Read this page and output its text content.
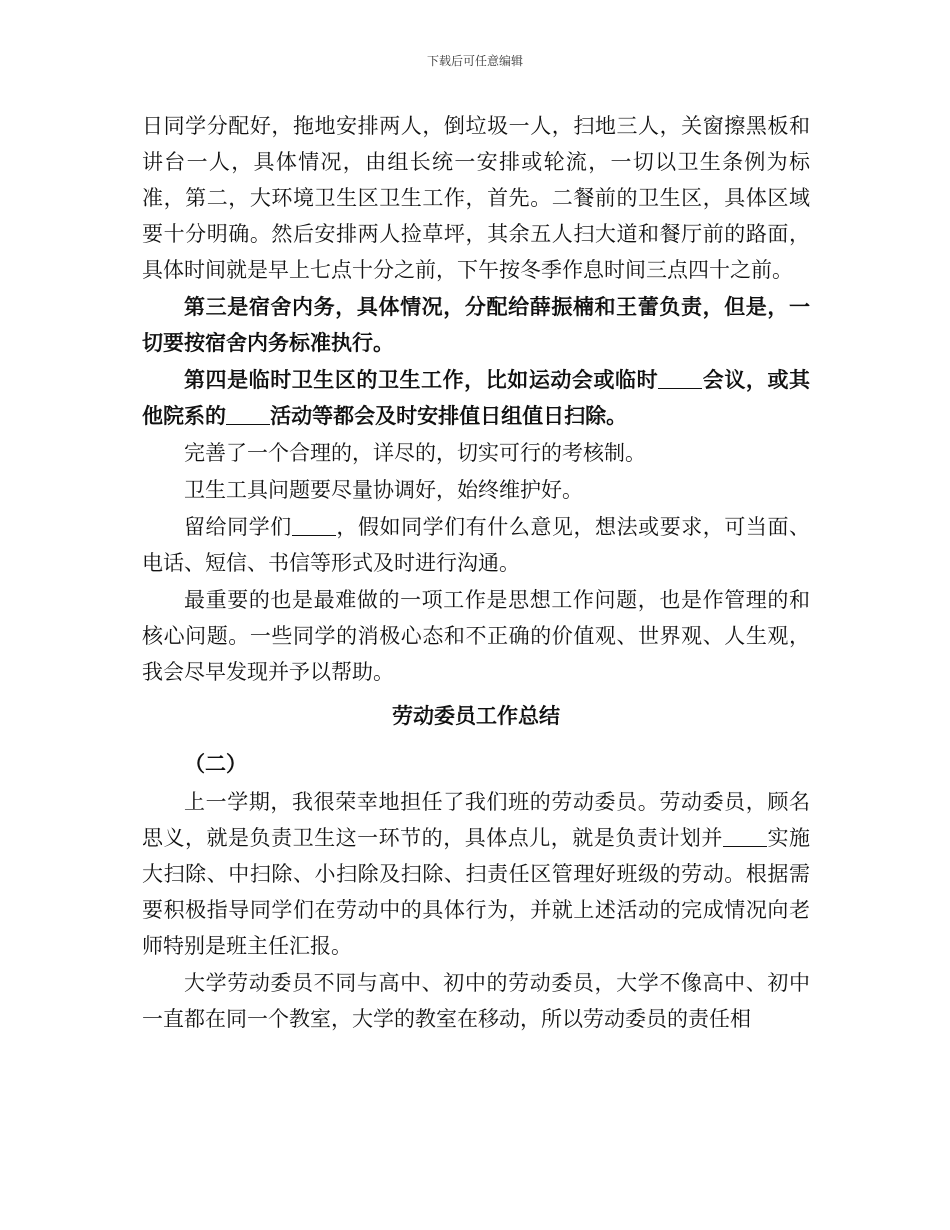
下载后可任意编辑

日同学分配好，拖地安排两人，倒垃圾一人，扫地三人，关窗擦黑板和讲台一人，具体情况，由组长统一安排或轮流，一切以卫生条例为标准，第二，大环境卫生区卫生工作，首先。二餐前的卫生区，具体区域要十分明确。然后安排两人捡草坪，其余五人扫大道和餐厅前的路面，具体时间就是早上七点十分之前，下午按冬季作息时间三点四十之前。

第三是宿舍内务，具体情况，分配给薛振楠和王蕾负责，但是，一切要按宿舍内务标准执行。

第四是临时卫生区的卫生工作，比如运动会或临时 会议，或其他院系的 活动等都会及时安排值日组值日扫除。

完善了一个合理的，详尽的，切实可行的考核制。

卫生工具问题要尽量协调好，始终维护好。

留给同学们 ，假如同学们有什么意见，想法或要求，可当面、电话、短信、书信等形式及时进行沟通。

最重要的也是最难做的一项工作是思想工作问题，也是作管理的和核心问题。一些同学的消极心态和不正确的价值观、世界观、人生观，我会尽早发现并予以帮助。

劳动委员工作总结
（二）

上一学期，我很荣幸地担任了我们班的劳动委员。劳动委员，顾名思义，就是负责卫生这一环节的，具体点儿，就是负责计划并 实施大扫除、中扫除、小扫除及扫除、扫责任区管理好班级的劳动。根据需要积极指导同学们在劳动中的具体行为，并就上述活动的完成情况向老师特别是班主任汇报。

大学劳动委员不同与高中、初中的劳动委员，大学不像高中、初中一直都在同一个教室，大学的教室在移动，所以劳动委员的责任相
